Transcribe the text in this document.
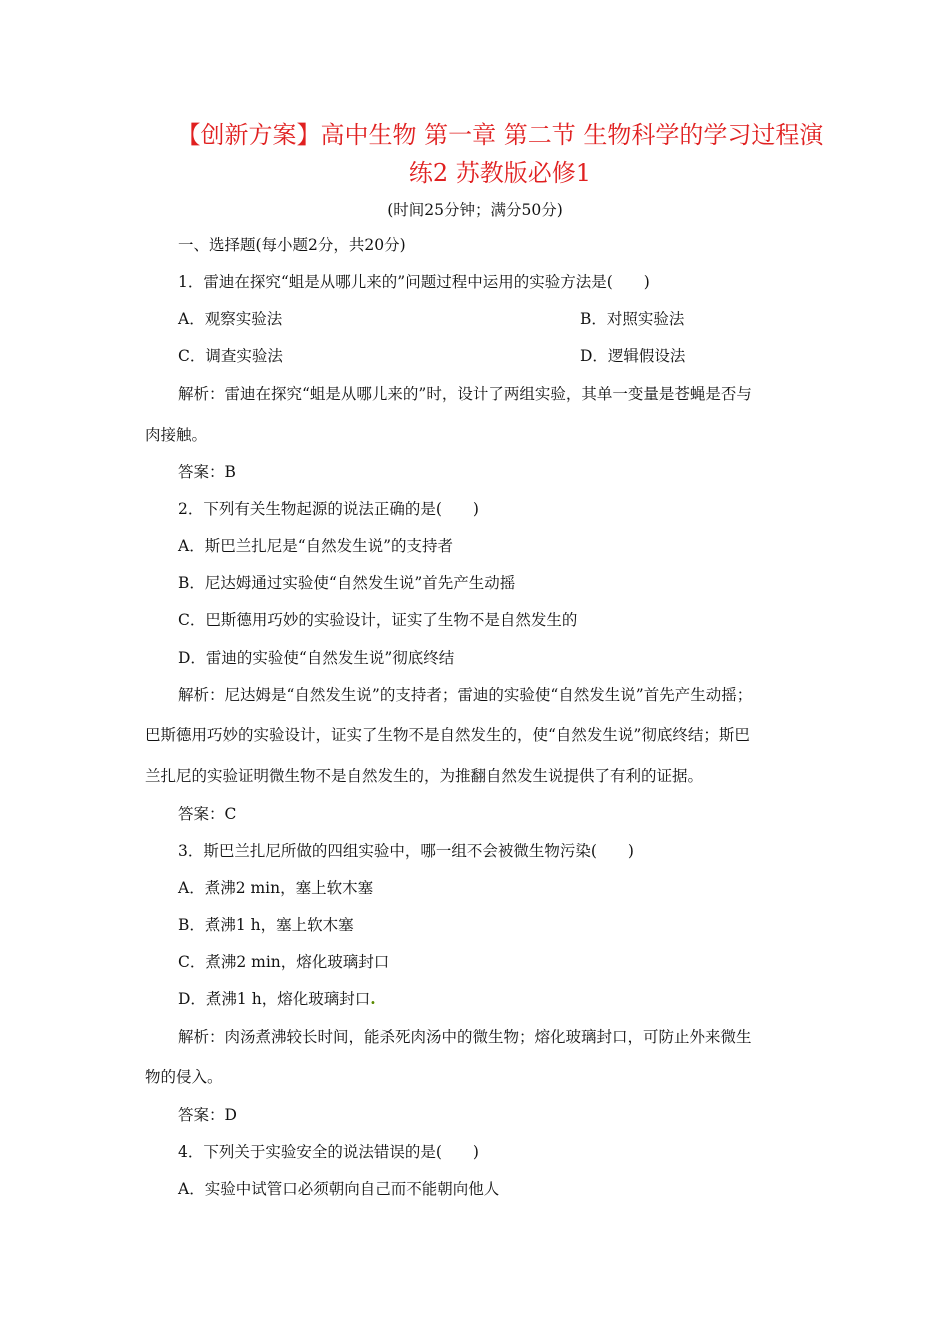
【创新方案】高中生物 第一章 第二节 生物科学的学习过程演
练2 苏教版必修1
(时间25分钟；满分50分)
一、选择题(每小题2分，共20分)
1．雷迪在探究“蛆是从哪儿来的”问题过程中运用的实验方法是(　　)
A．观察实验法	B．对照实验法
C．调查实验法	D．逻辑假设法
解析：雷迪在探究“蛆是从哪儿来的”时，设计了两组实验，其单一变量是苍蝇是否与
肉接触。
答案：B
2．下列有关生物起源的说法正确的是(　　)
A．斯巴兰扎尼是“自然发生说”的支持者
B．尼达姆通过实验使“自然发生说”首先产生动摇
C．巴斯德用巧妙的实验设计，证实了生物不是自然发生的
D．雷迪的实验使“自然发生说”彻底终结
解析：尼达姆是“自然发生说”的支持者；雷迪的实验使“自然发生说”首先产生动摇；
巴斯德用巧妙的实验设计，证实了生物不是自然发生的，使“自然发生说”彻底终结；斯巴
兰扎尼的实验证明微生物不是自然发生的，为推翻自然发生说提供了有利的证据。
答案：C
3．斯巴兰扎尼所做的四组实验中，哪一组不会被微生物污染(　　)
A．煮沸2 min，塞上软木塞
B．煮沸1 h，塞上软木塞
C．煮沸2 min，熔化玻璃封口
D．煮沸1 h，熔化玻璃封口.
解析：肉汤煮沸较长时间，能杀死肉汤中的微生物；熔化玻璃封口，可防止外来微生
物的侵入。
答案：D
4．下列关于实验安全的说法错误的是(　　)
A．实验中试管口必须朝向自己而不能朝向他人
